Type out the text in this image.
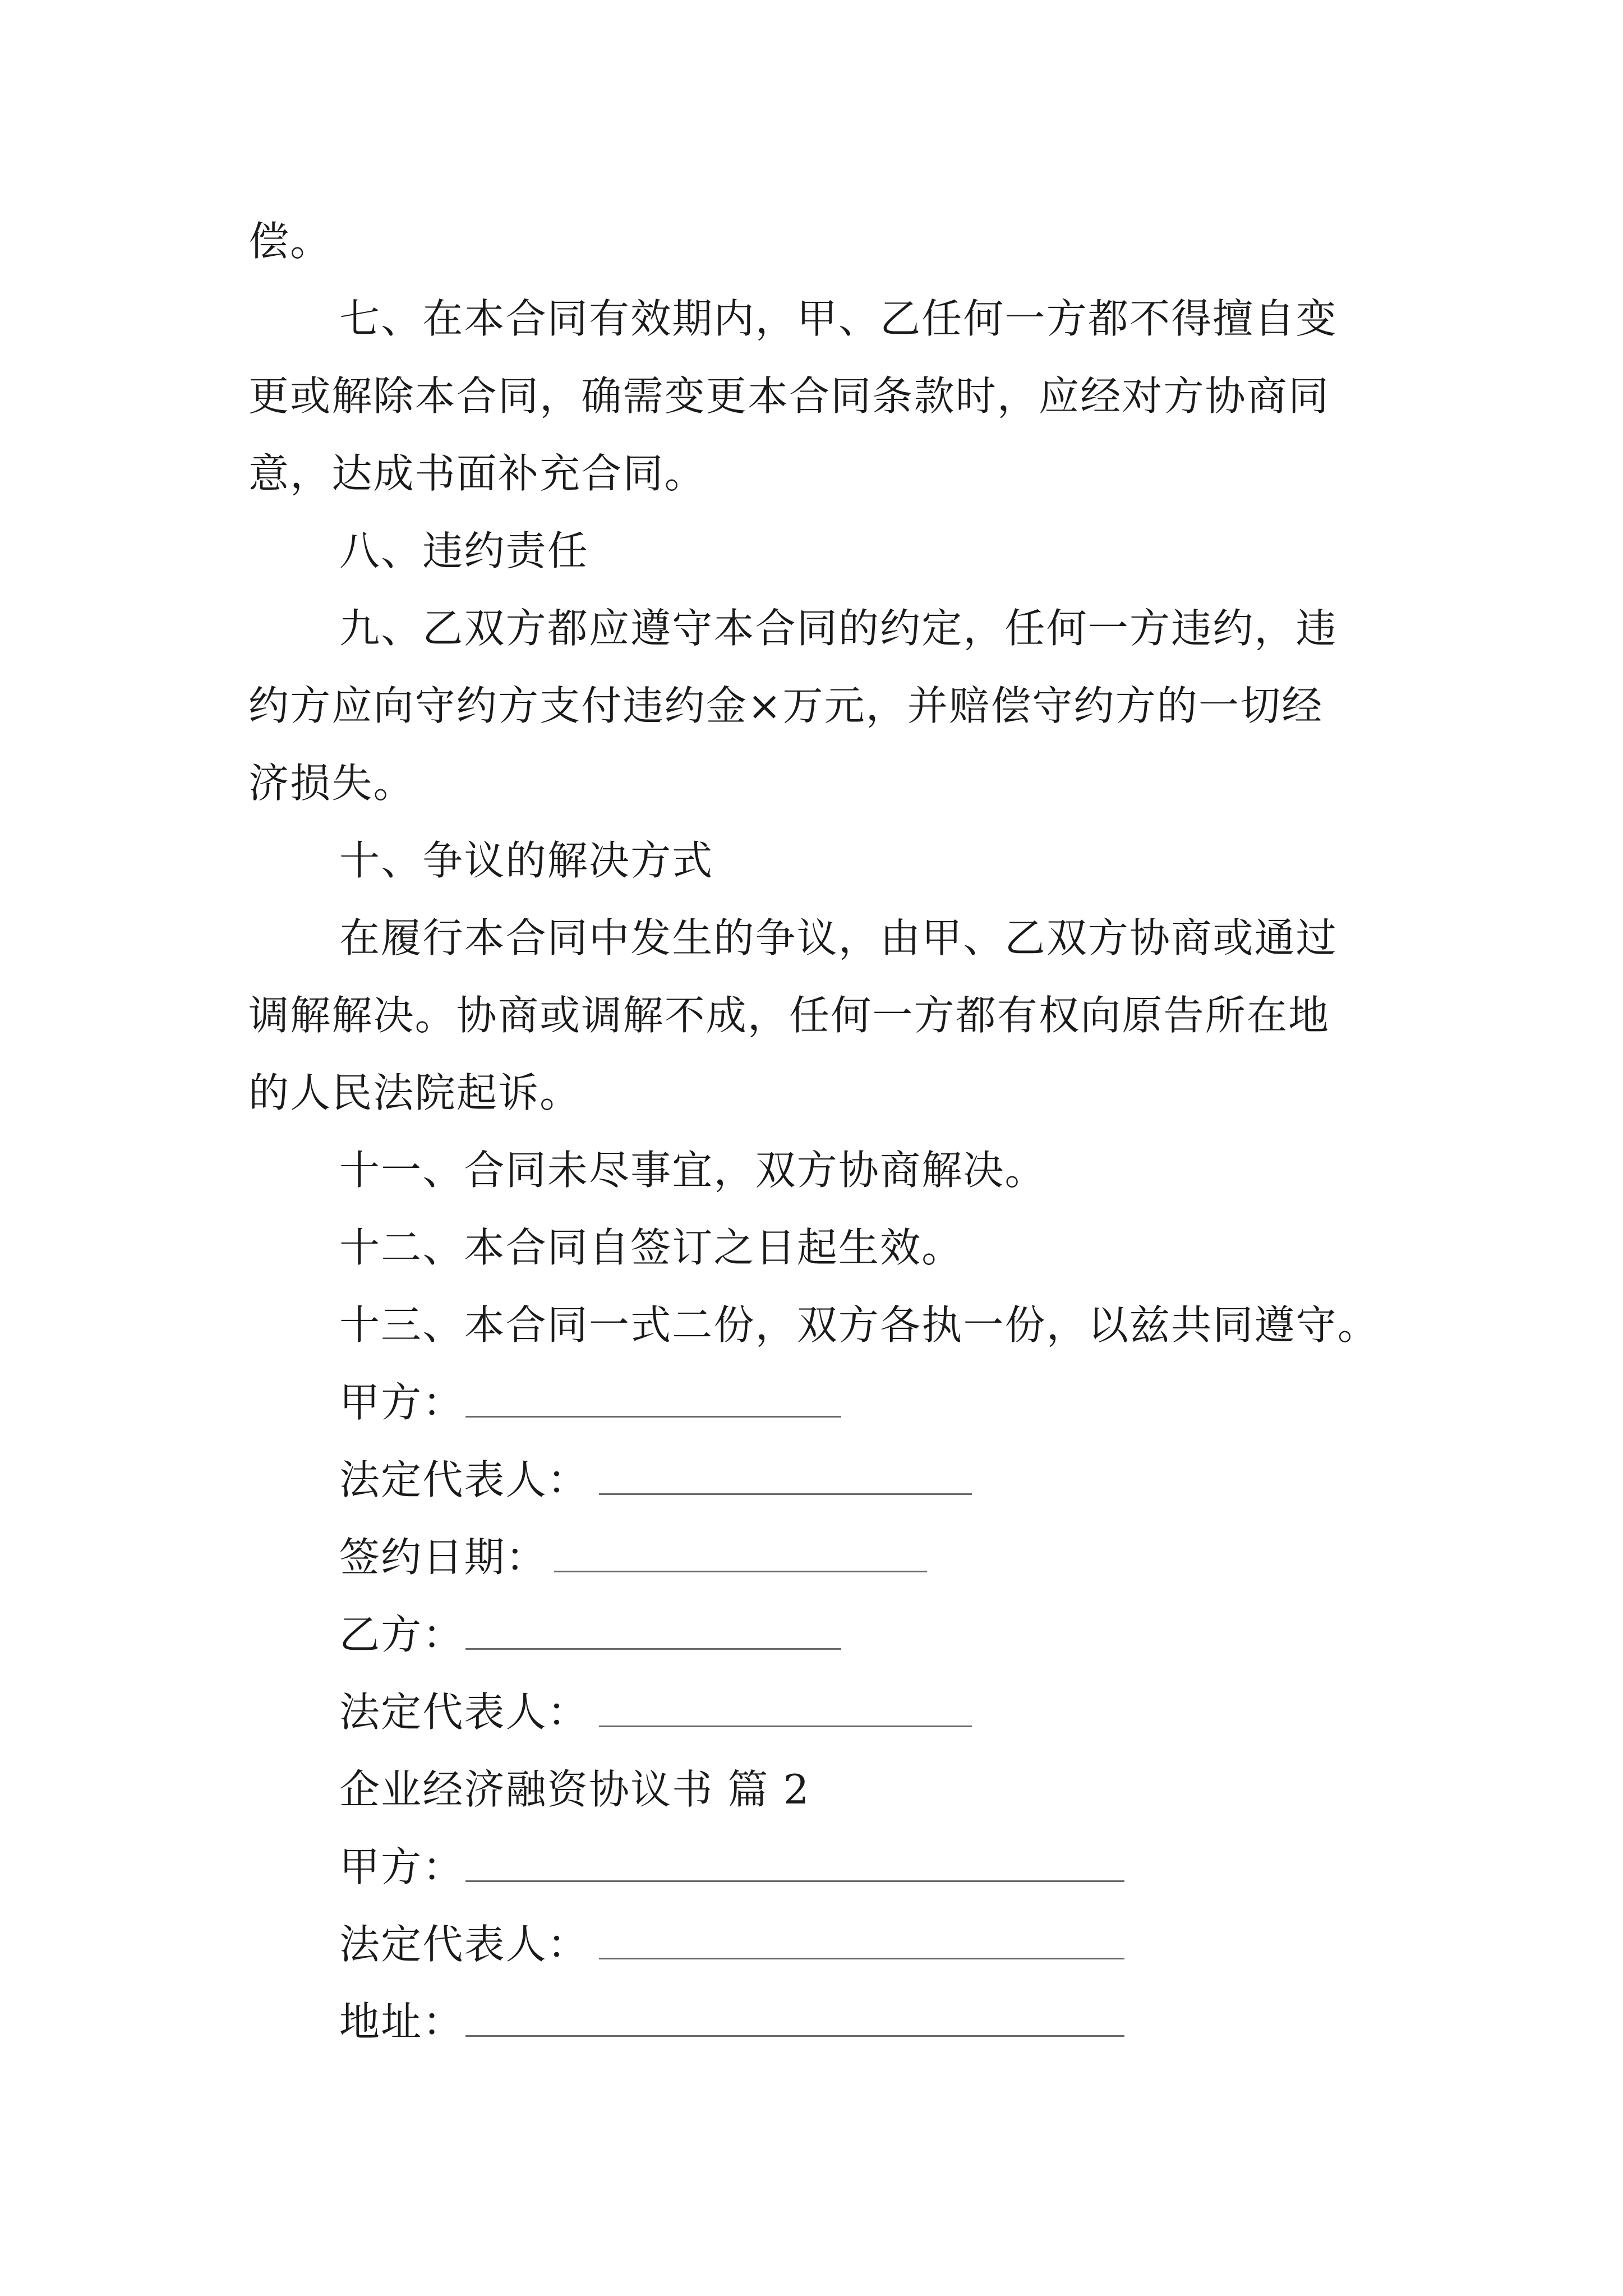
偿。
七、在本合同有效期内，甲、乙任何一方都不得擅自变
更或解除本合同，确需变更本合同条款时，应经对方协商同
意，达成书面补充合同。
八、违约责任
九、乙双方都应遵守本合同的约定，任何一方违约，违
约方应向守约方支付违约金×万元，并赔偿守约方的一切经
济损失。
十、争议的解决方式
在履行本合同中发生的争议，由甲、乙双方协商或通过
调解解决。协商或调解不成，任何一方都有权向原告所在地
的人民法院起诉。
十一、合同未尽事宜，双方协商解决。
十二、本合同自签订之日起生效。
十三、本合同一式二份，双方各执一份，以兹共同遵守。
甲方：
法定代表人：
签约日期：
乙方：
法定代表人：
企业经济融资协议书 篇 2
甲方：
法定代表人：
地址：
